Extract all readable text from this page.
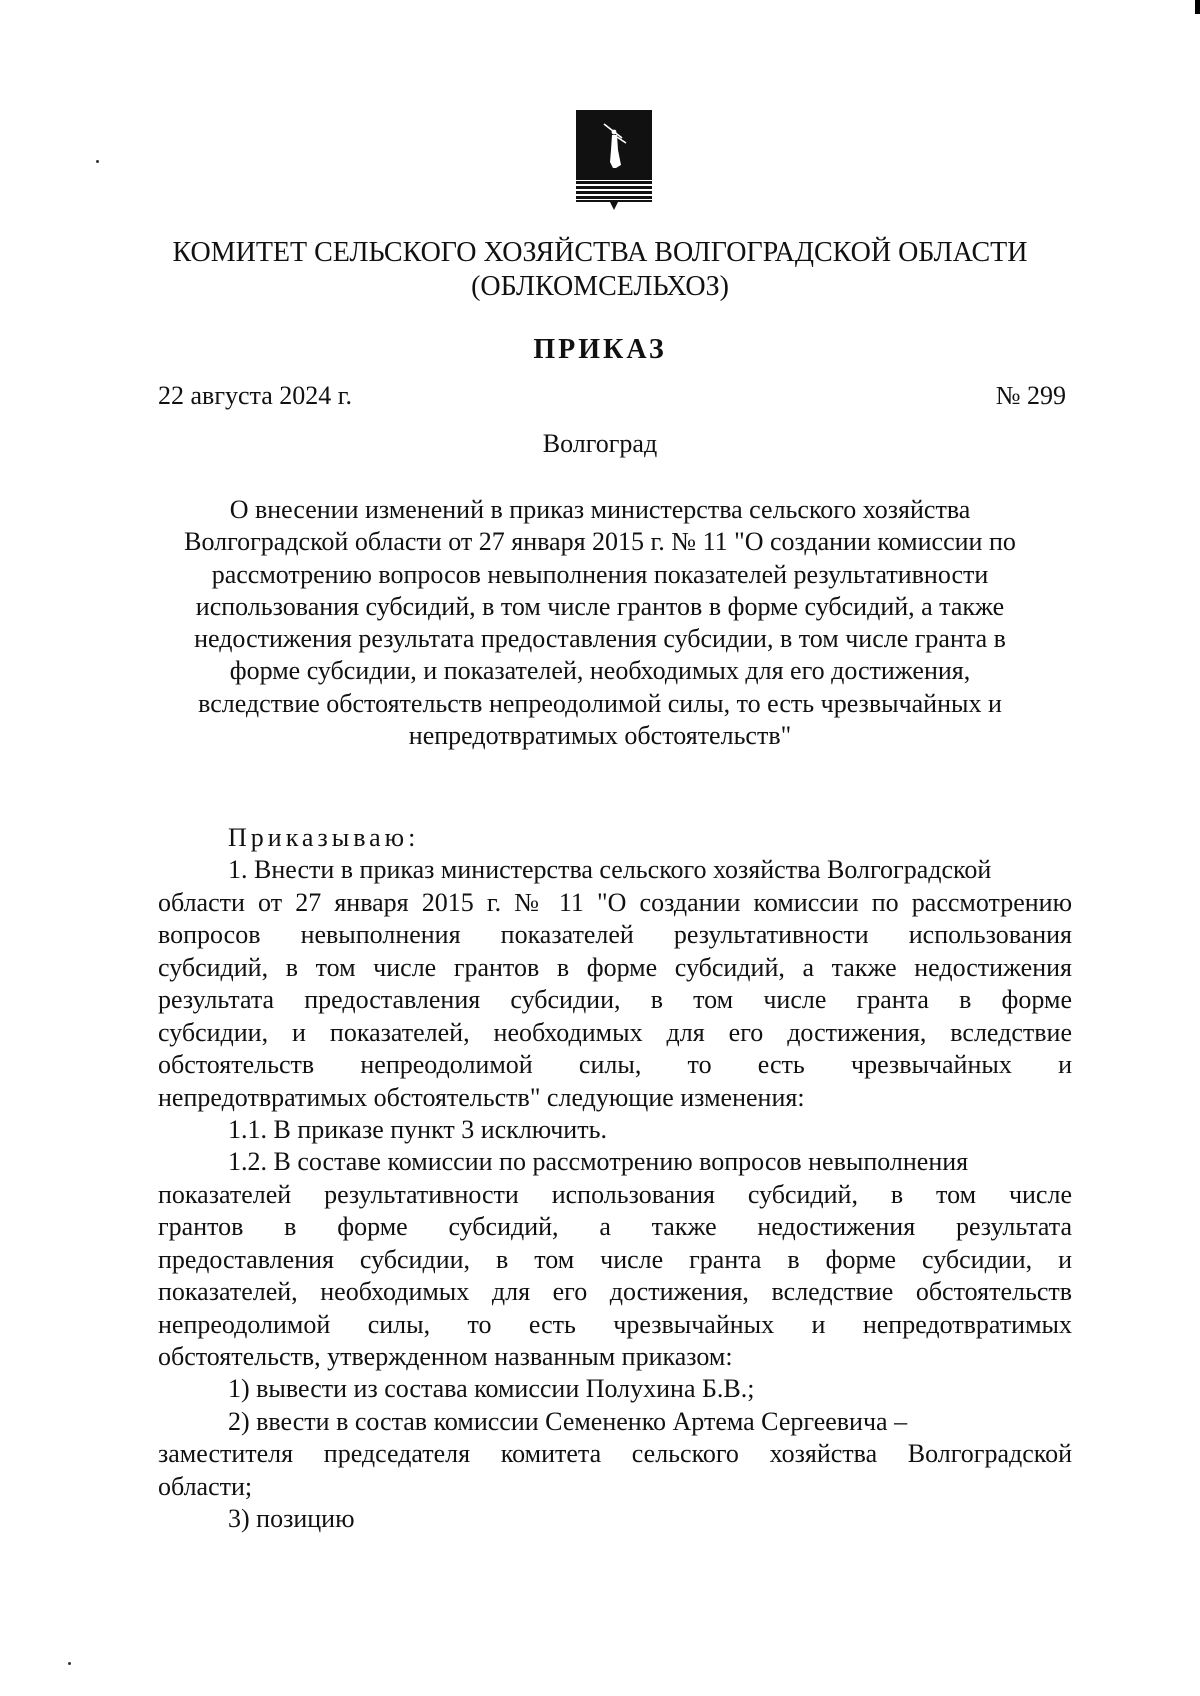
КОМИТЕТ СЕЛЬСКОГО ХОЗЯЙСТВА ВОЛГОГРАДСКОЙ ОБЛАСТИ
(ОБЛКОМСЕЛЬХОЗ)
ПРИКАЗ
22 августа 2024 г.	№ 299
Волгоград
О внесении изменений в приказ министерства сельского хозяйства
Волгоградской области от 27 января 2015 г. № 11 "О создании комиссии по
рассмотрению вопросов невыполнения показателей результативности
использования субсидий, в том числе грантов в форме субсидий, а также
недостижения результата предоставления субсидии, в том числе гранта в
форме субсидии, и показателей, необходимых для его достижения,
вследствие обстоятельств непреодолимой силы, то есть чрезвычайных и
непредотвратимых обстоятельств"
Приказываю:
1. Внести в приказ министерства сельского хозяйства Волгоградской
области от 27 января 2015 г. № 11 "О создании комиссии по рассмотрению
вопросов невыполнения показателей результативности использования
субсидий, в том числе грантов в форме субсидий, а также недостижения
результата предоставления субсидии, в том числе гранта в форме
субсидии, и показателей, необходимых для его достижения, вследствие
обстоятельств непреодолимой силы, то есть чрезвычайных и
непредотвратимых обстоятельств" следующие изменения:
1.1. В приказе пункт 3 исключить.
1.2. В составе комиссии по рассмотрению вопросов невыполнения
показателей результативности использования субсидий, в том числе
грантов в форме субсидий, а также недостижения результата
предоставления субсидии, в том числе гранта в форме субсидии, и
показателей, необходимых для его достижения, вследствие обстоятельств
непреодолимой силы, то есть чрезвычайных и непредотвратимых
обстоятельств, утвержденном названным приказом:
1) вывести из состава комиссии Полухина Б.В.;
2) ввести в состав комиссии Семененко Артема Сергеевича –
заместителя председателя комитета сельского хозяйства Волгоградской
области;
3) позицию
